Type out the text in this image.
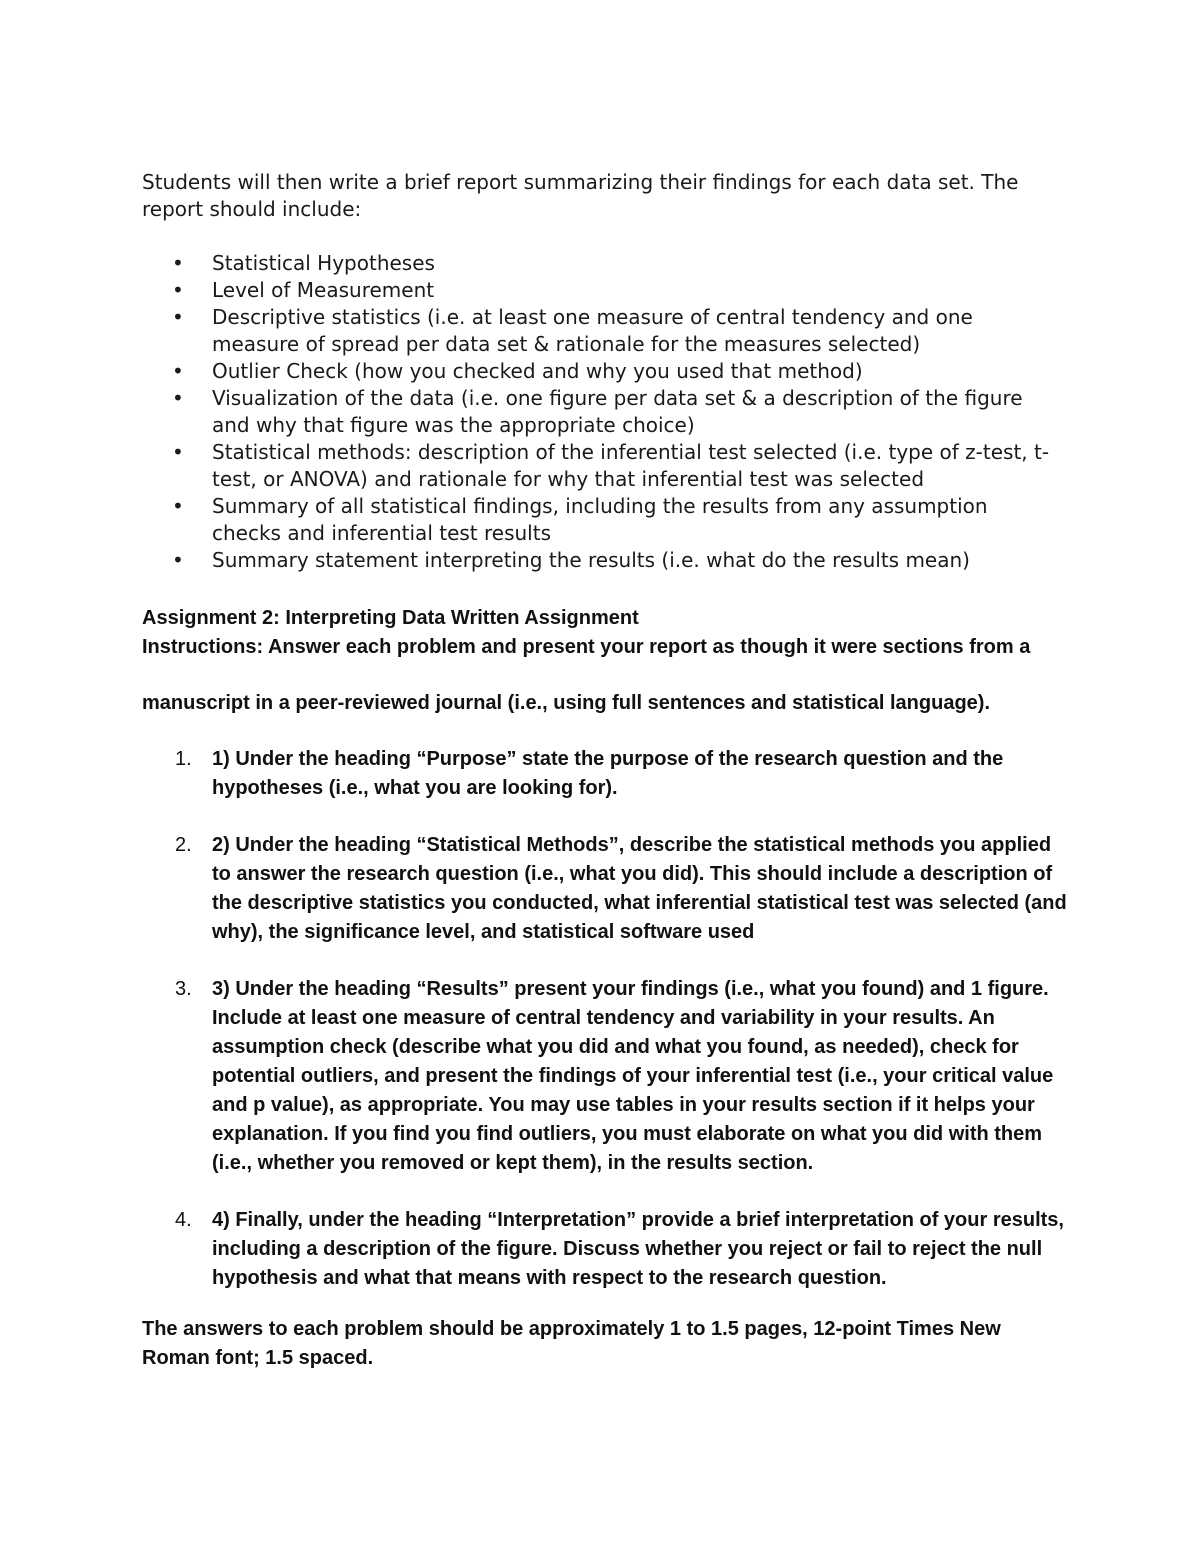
Students will then write a brief report summarizing their findings for each data set. The report should include:

• Statistical Hypotheses
• Level of Measurement
• Descriptive statistics (i.e. at least one measure of central tendency and one measure of spread per data set & rationale for the measures selected)
• Outlier Check (how you checked and why you used that method)
• Visualization of the data (i.e. one figure per data set & a description of the figure and why that figure was the appropriate choice)
• Statistical methods: description of the inferential test selected (i.e. type of z-test, t-test, or ANOVA) and rationale for why that inferential test was selected
• Summary of all statistical findings, including the results from any assumption checks and inferential test results
• Summary statement interpreting the results (i.e. what do the results mean)

Assignment 2: Interpreting Data Written Assignment

Instructions: Answer each problem and present your report as though it were sections from a

manuscript in a peer-reviewed journal (i.e., using full sentences and statistical language).

1. 1) Under the heading “Purpose” state the purpose of the research question and the hypotheses (i.e., what you are looking for).
2. 2) Under the heading “Statistical Methods”, describe the statistical methods you applied to answer the research question (i.e., what you did). This should include a description of the descriptive statistics you conducted, what inferential statistical test was selected (and why), the significance level, and statistical software used
3. 3) Under the heading “Results” present your findings (i.e., what you found) and 1 figure. Include at least one measure of central tendency and variability in your results. An assumption check (describe what you did and what you found, as needed), check for potential outliers, and present the findings of your inferential test (i.e., your critical value and p value), as appropriate. You may use tables in your results section if it helps your explanation. If you find you find outliers, you must elaborate on what you did with them (i.e., whether you removed or kept them), in the results section.
4. 4) Finally, under the heading “Interpretation” provide a brief interpretation of your results, including a description of the figure. Discuss whether you reject or fail to reject the null hypothesis and what that means with respect to the research question.

The answers to each problem should be approximately 1 to 1.5 pages, 12-point Times New Roman font; 1.5 spaced.
